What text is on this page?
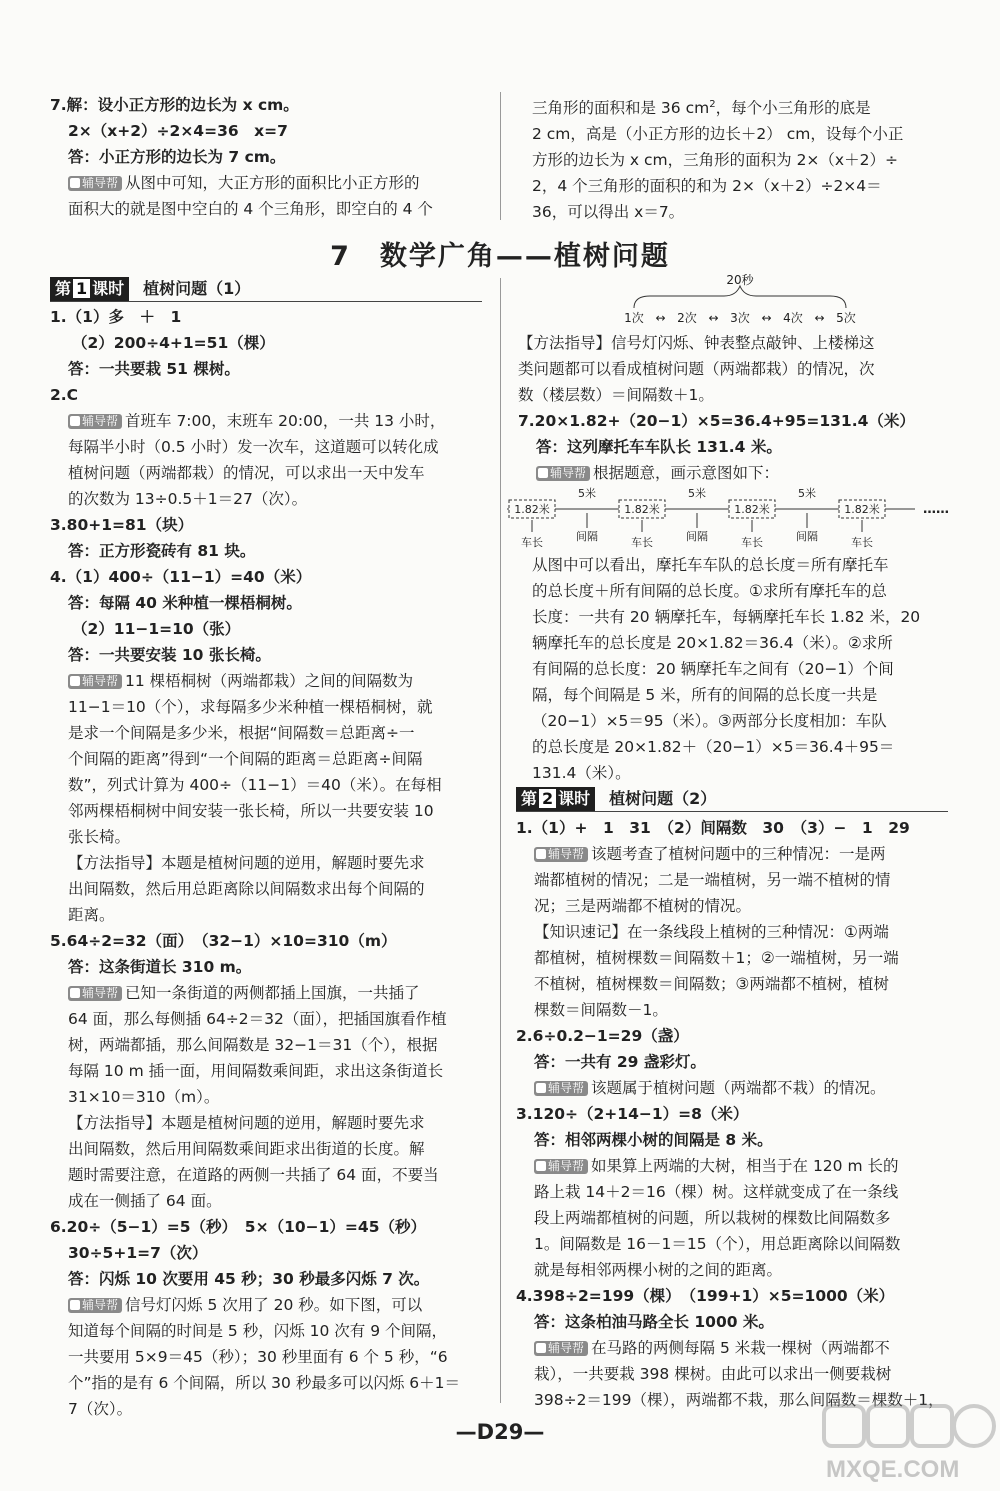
7.解：设小正方形的边长为 x cm。
2×（x+2）÷2×4=36　x=7
答：小正方形的边长为 7 cm。
辅导帮 从图中可知，大正方形的面积比小正方形的
面积大的就是图中空白的 4 个三角形，即空白的 4 个
三角形的面积和是 36 $cm^2$，每个小三角形的底是
2 cm，高是（小正方形的边长＋2） cm，设每个小正
方形的边长为 x cm，三角形的面积为 2×（x＋2）÷
2，4 个三角形的面积的和为 2×（x＋2）÷2×4＝
36，可以得出 x＝7。
7　数学广角——植树问题
第 1 课时 植树问题（1）
1.（1）多　＋　1
（2）200÷4+1=51（棵）
答：一共要栽 51 棵树。
2.C
辅导帮 首班车 7:00，末班车 20:00，一共 13 小时，
每隔半小时（0.5 小时）发一次车，这道题可以转化成
植树问题（两端都栽）的情况，可以求出一天中发车
的次数为 13÷0.5＋1＝27（次）。
3.80+1=81（块）
答：正方形瓷砖有 81 块。
4.（1）400÷（11−1）=40（米）
答：每隔 40 米种植一棵梧桐树。
（2）11−1=10（张）
答：一共要安装 10 张长椅。
辅导帮 11 棵梧桐树（两端都栽）之间的间隔数为
11−1＝10（个），求每隔多少米种植一棵梧桐树，就
是求一个间隔是多少米，根据“间隔数＝总距离÷一
个间隔的距离”得到“一个间隔的距离＝总距离÷间隔
数”，列式计算为 400÷（11−1）＝40（米）。在每相
邻两棵梧桐树中间安装一张长椅，所以一共要安装 10
张长椅。
【方法指导】本题是植树问题的逆用，解题时要先求
出间隔数，然后用总距离除以间隔数求出每个间隔的
距离。
5.64÷2=32（面）　（32−1）×10=310（m）
答：这条街道长 310 m。
辅导帮 已知一条街道的两侧都插上国旗，一共插了
64 面，那么每侧插 64÷2＝32（面），把插国旗看作植
树，两端都插，那么间隔数是 32−1＝31（个），根据
每隔 10 m 插一面，用间隔数乘间距，求出这条街道长
31×10＝310（m）。
【方法指导】本题是植树问题的逆用，解题时要先求
出间隔数，然后用间隔数乘间距求出街道的长度。解
题时需要注意，在道路的两侧一共插了 64 面，不要当
成在一侧插了 64 面。
6.20÷（5−1）=5（秒）　5×（10−1）=45（秒）
30÷5+1=7（次）
答：闪烁 10 次要用 45 秒；30 秒最多闪烁 7 次。
辅导帮 信号灯闪烁 5 次用了 20 秒。如下图，可以
知道每个间隔的时间是 5 秒，闪烁 10 次有 9 个间隔，
一共要用 5×9＝45（秒）；30 秒里面有 6 个 5 秒，“6
个”指的是有 6 个间隔，所以 30 秒最多可以闪烁 6＋1＝
7（次）。
20秒
1次 ↔ 2次 ↔ 3次 ↔ 4次 ↔ 5次
【方法指导】信号灯闪烁、钟表整点敲钟、上楼梯这
类问题都可以看成植树问题（两端都栽）的情况，次
数（楼层数）＝间隔数＋1。
7.20×1.82+（20−1）×5=36.4+95=131.4（米）
答：这列摩托车车队长 131.4 米。
辅导帮 根据题意，画示意图如下：
1.82米
车长
5米
间隔
1.82米
车长
5米
间隔
1.82米
车长
5米
间隔
1.82米
车长
……
从图中可以看出，摩托车车队的总长度＝所有摩托车
的总长度＋所有间隔的总长度。①求所有摩托车的总
长度：一共有 20 辆摩托车，每辆摩托车长 1.82 米，20
辆摩托车的总长度是 20×1.82＝36.4（米）。②求所
有间隔的总长度：20 辆摩托车之间有（20−1）个间
隔，每个间隔是 5 米，所有的间隔的总长度一共是
（20−1）×5＝95（米）。③两部分长度相加：车队
的总长度是 20×1.82＋（20−1）×5＝36.4＋95＝
131.4（米）。
第 2 课时 植树问题（2）
1.（1）+　1　31　（2）间隔数　30　（3）−　1　29
辅导帮 该题考查了植树问题中的三种情况：一是两
端都植树的情况；二是一端植树，另一端不植树的情
况；三是两端都不植树的情况。
【知识速记】在一条线段上植树的三种情况：①两端
都植树，植树棵数＝间隔数＋1；②一端植树，另一端
不植树，植树棵数＝间隔数；③两端都不植树，植树
棵数＝间隔数－1。
2.6÷0.2−1=29（盏）
答：一共有 29 盏彩灯。
辅导帮 该题属于植树问题（两端都不栽）的情况。
3.120÷（2+14−1）=8（米）
答：相邻两棵小树的间隔是 8 米。
辅导帮 如果算上两端的大树，相当于在 120 m 长的
路上栽 14＋2＝16（棵）树。这样就变成了在一条线
段上两端都植树的问题，所以栽树的棵数比间隔数多
1。间隔数是 16－1＝15（个），用总距离除以间隔数
就是每相邻两棵小树的之间的距离。
4.398÷2=199（棵）　（199+1）×5=1000（米）
答：这条柏油马路全长 1000 米。
辅导帮 在马路的两侧每隔 5 米栽一棵树（两端都不
栽），一共要栽 398 棵树。由此可以求出一侧要栽树
398÷2＝199（棵），两端都不栽，那么间隔数＝棵数＋1，
—D29—
MXQE.COM
